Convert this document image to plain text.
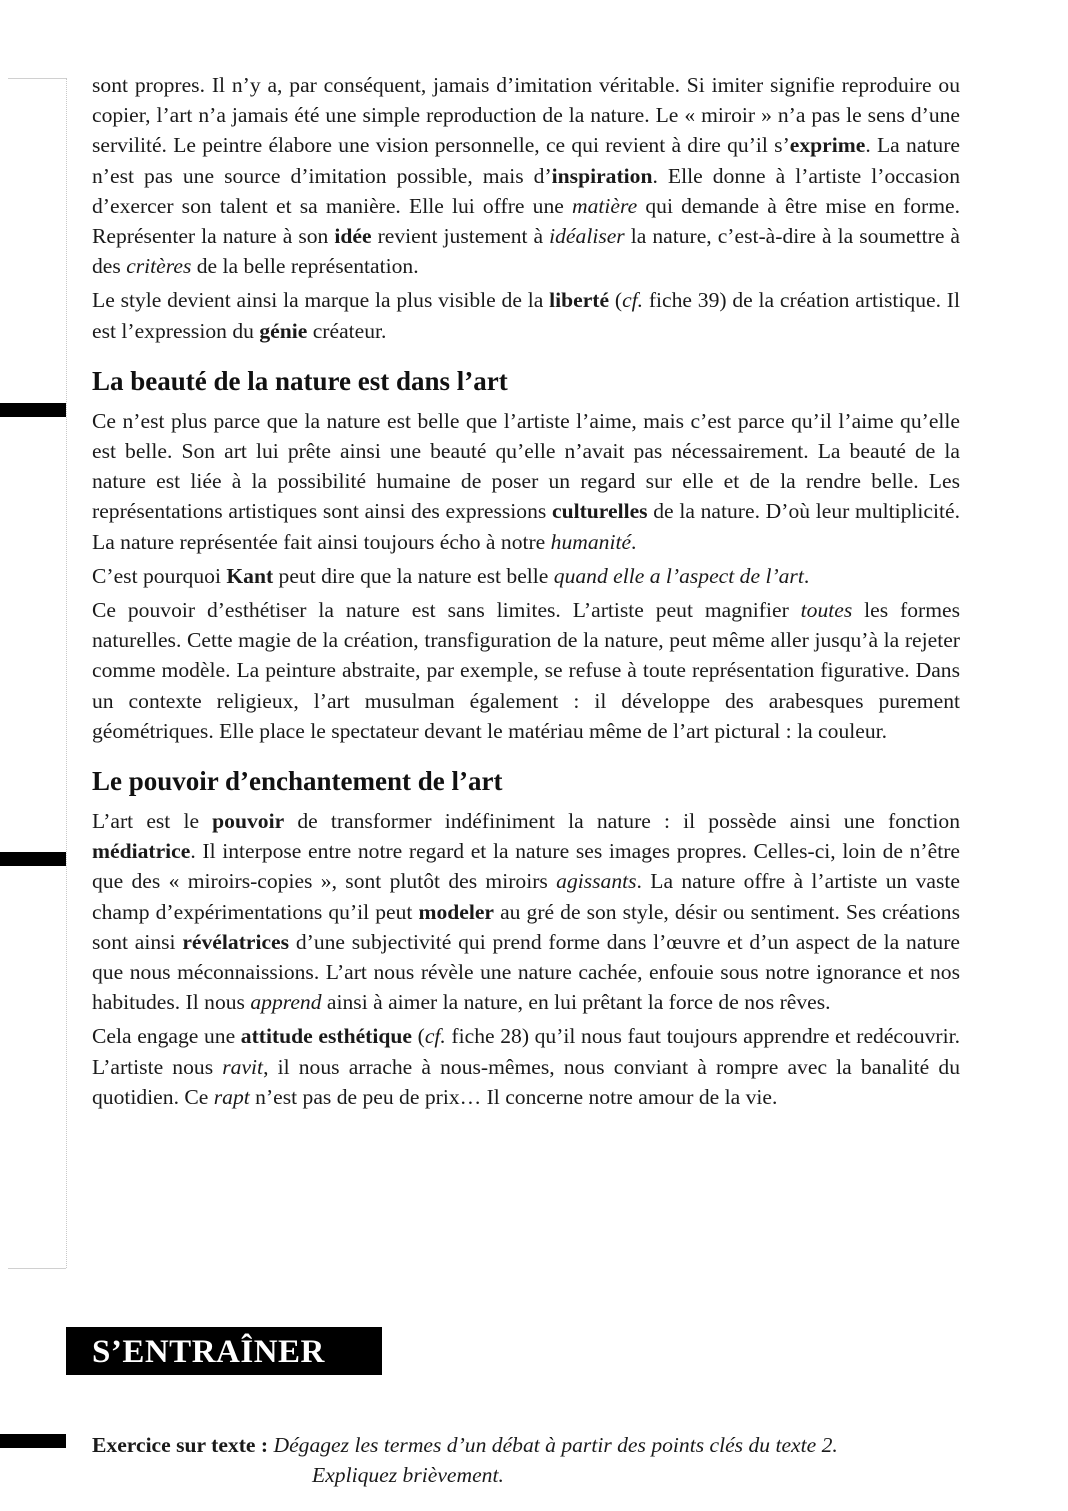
sont propres. Il n’y a, par conséquent, jamais d’imitation véritable. Si imiter signifie reproduire ou copier, l’art n’a jamais été une simple reproduction de la nature. Le « miroir » n’a pas le sens d’une servilité. Le peintre élabore une vision personnelle, ce qui revient à dire qu’il s’exprime. La nature n’est pas une source d’imitation possible, mais d’inspiration. Elle donne à l’artiste l’occasion d’exercer son talent et sa manière. Elle lui offre une matière qui demande à être mise en forme. Représenter la nature à son idée revient justement à idéaliser la nature, c’est-à-dire à la soumettre à des critères de la belle représentation.

Le style devient ainsi la marque la plus visible de la liberté (cf. fiche 39) de la création artistique. Il est l’expression du génie créateur.

La beauté de la nature est dans l’art

Ce n’est plus parce que la nature est belle que l’artiste l’aime, mais c’est parce qu’il l’aime qu’elle est belle. Son art lui prête ainsi une beauté qu’elle n’avait pas nécessairement. La beauté de la nature est liée à la possibilité humaine de poser un regard sur elle et de la rendre belle. Les représentations artistiques sont ainsi des expressions culturelles de la nature. D’où leur multiplicité. La nature représentée fait ainsi toujours écho à notre humanité.

C’est pourquoi Kant peut dire que la nature est belle quand elle a l’aspect de l’art.

Ce pouvoir d’esthétiser la nature est sans limites. L’artiste peut magnifier toutes les formes naturelles. Cette magie de la création, transfiguration de la nature, peut même aller jusqu’à la rejeter comme modèle. La peinture abstraite, par exemple, se refuse à toute représentation figurative. Dans un contexte religieux, l’art musulman également : il développe des arabesques purement géométriques. Elle place le spectateur devant le matériau même de l’art pictural : la couleur.

Le pouvoir d’enchantement de l’art

L’art est le pouvoir de transformer indéfiniment la nature : il possède ainsi une fonction médiatrice. Il interpose entre notre regard et la nature ses images propres. Celles-ci, loin de n’être que des « miroirs-copies », sont plutôt des miroirs agissants. La nature offre à l’artiste un vaste champ d’expérimentations qu’il peut modeler au gré de son style, désir ou sentiment. Ses créations sont ainsi révélatrices d’une subjectivité qui prend forme dans l’œuvre et d’un aspect de la nature que nous méconnaissions. L’art nous révèle une nature cachée, enfouie sous notre ignorance et nos habitudes. Il nous apprend ainsi à aimer la nature, en lui prêtant la force de nos rêves.

Cela engage une attitude esthétique (cf. fiche 28) qu’il nous faut toujours apprendre et redécouvrir. L’artiste nous ravit, il nous arrache à nous-mêmes, nous conviant à rompre avec la banalité du quotidien. Ce rapt n’est pas de peu de prix… Il concerne notre amour de la vie.

S’ENTRAÎNER
Exercice sur texte : Dégagez les termes d’un débat à partir des points clés du texte 2.
Expliquez brièvement.
